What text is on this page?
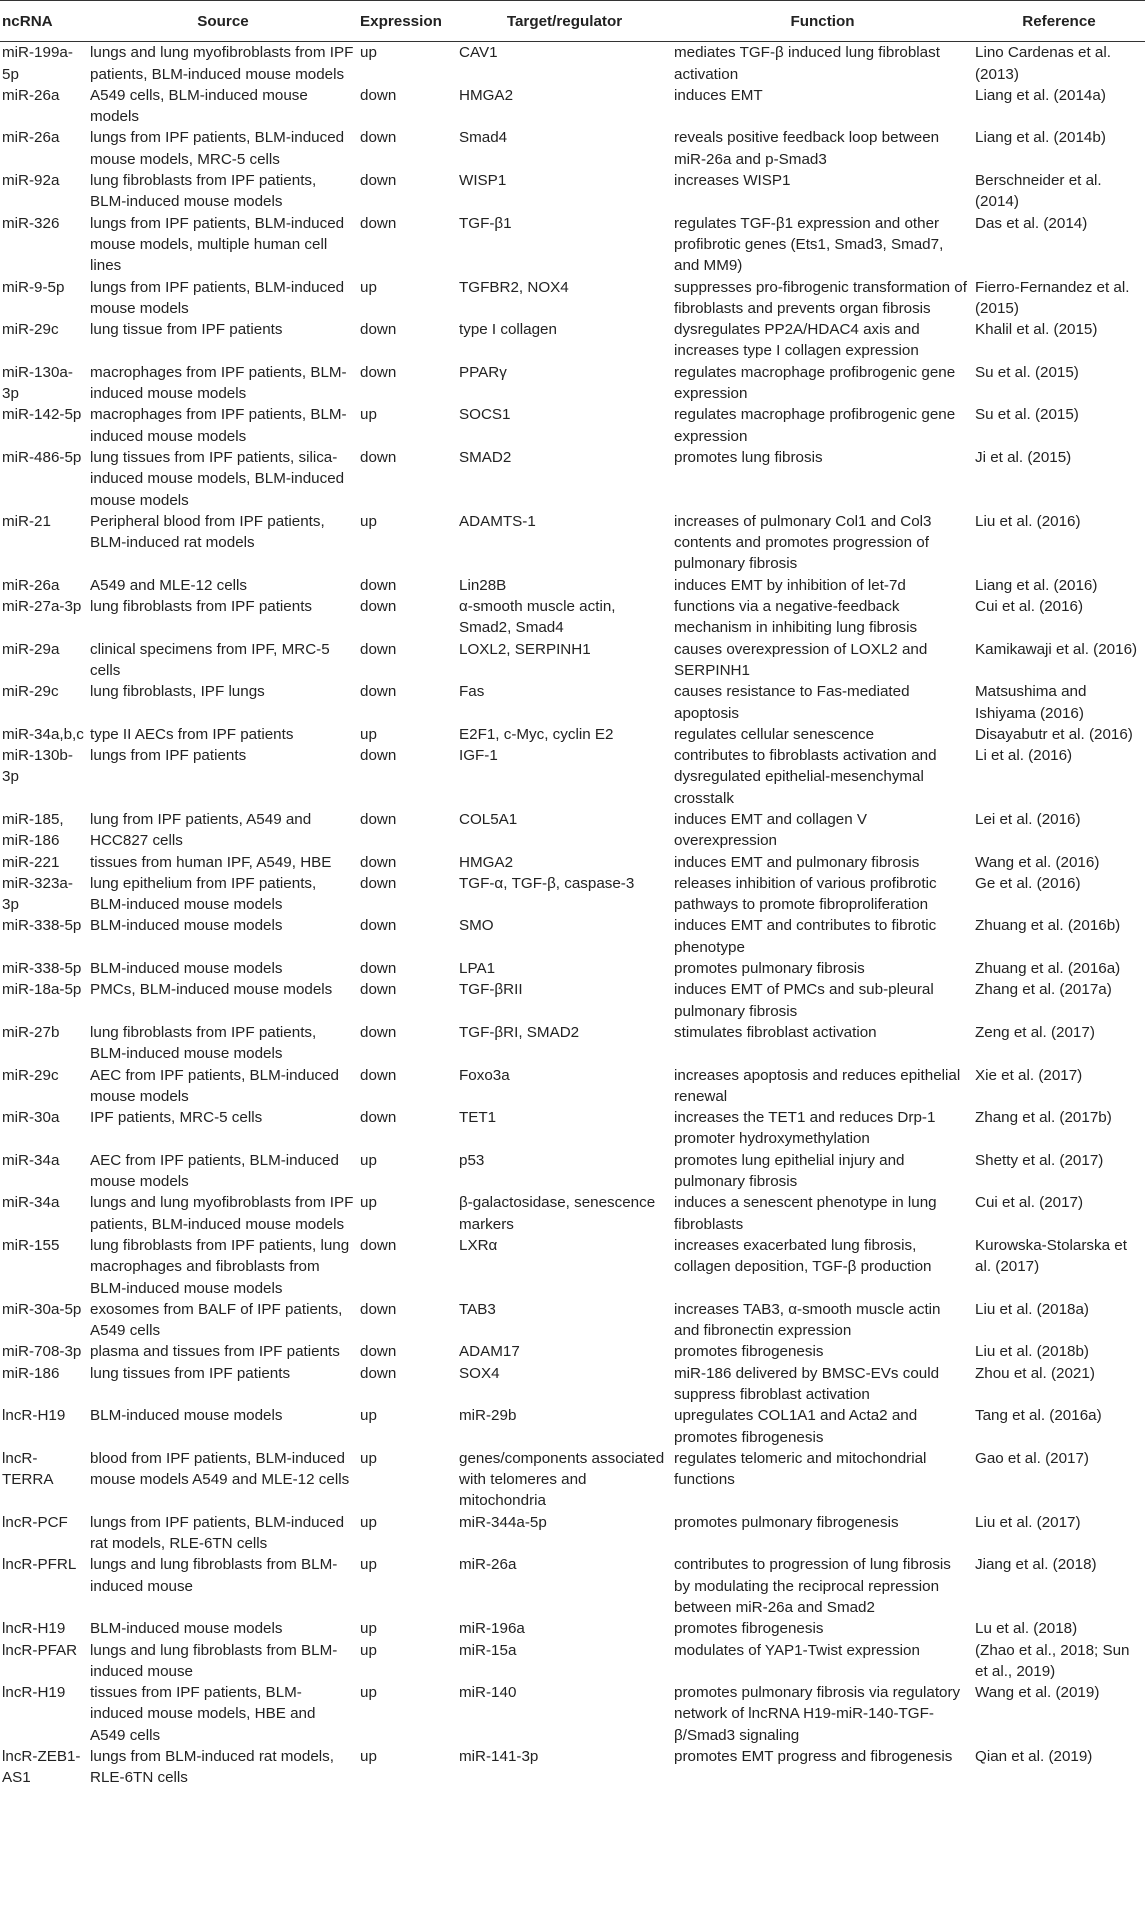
ncRNA	Source	Expression	Target/regulator	Function	Reference
miR-199a-5p	lungs and lung myofibroblasts from IPF patients, BLM-induced mouse models	up	CAV1	mediates TGF-β induced lung fibroblast activation	Lino Cardenas et al. (2013)
miR-26a	A549 cells, BLM-induced mouse models	down	HMGA2	induces EMT	Liang et al. (2014a)
miR-26a	lungs from IPF patients, BLM-induced mouse models, MRC-5 cells	down	Smad4	reveals positive feedback loop between miR-26a and p-Smad3	Liang et al. (2014b)
miR-92a	lung fibroblasts from IPF patients, BLM-induced mouse models	down	WISP1	increases WISP1	Berschneider et al. (2014)
miR-326	lungs from IPF patients, BLM-induced mouse models, multiple human cell lines	down	TGF-β1	regulates TGF-β1 expression and other profibrotic genes (Ets1, Smad3, Smad7, and MM9)	Das et al. (2014)
miR-9-5p	lungs from IPF patients, BLM-induced mouse models	up	TGFBR2, NOX4	suppresses pro-fibrogenic transformation of fibroblasts and prevents organ fibrosis	Fierro-Fernandez et al. (2015)
miR-29c	lung tissue from IPF patients	down	type I collagen	dysregulates PP2A/HDAC4 axis and increases type I collagen expression	Khalil et al. (2015)
miR-130a-3p	macrophages from IPF patients, BLM-induced mouse models	down	PPARγ	regulates macrophage profibrogenic gene expression	Su et al. (2015)
miR-142-5p	macrophages from IPF patients, BLM-induced mouse models	up	SOCS1	regulates macrophage profibrogenic gene expression	Su et al. (2015)
miR-486-5p	lung tissues from IPF patients, silica-induced mouse models, BLM-induced mouse models	down	SMAD2	promotes lung fibrosis	Ji et al. (2015)
miR-21	Peripheral blood from IPF patients, BLM-induced rat models	up	ADAMTS-1	increases of pulmonary Col1 and Col3 contents and promotes progression of pulmonary fibrosis	Liu et al. (2016)
miR-26a	A549 and MLE-12 cells	down	Lin28B	induces EMT by inhibition of let-7d	Liang et al. (2016)
miR-27a-3p	lung fibroblasts from IPF patients	down	α-smooth muscle actin, Smad2, Smad4	functions via a negative-feedback mechanism in inhibiting lung fibrosis	Cui et al. (2016)
miR-29a	clinical specimens from IPF, MRC-5 cells	down	LOXL2, SERPINH1	causes overexpression of LOXL2 and SERPINH1	Kamikawaji et al. (2016)
miR-29c	lung fibroblasts, IPF lungs	down	Fas	causes resistance to Fas-mediated apoptosis	Matsushima and Ishiyama (2016)
miR-34a,b,c	type II AECs from IPF patients	up	E2F1, c-Myc, cyclin E2	regulates cellular senescence	Disayabutr et al. (2016)
miR-130b-3p	lungs from IPF patients	down	IGF-1	contributes to fibroblasts activation and dysregulated epithelial-mesenchymal crosstalk	Li et al. (2016)
miR-185, miR-186	lung from IPF patients, A549 and HCC827 cells	down	COL5A1	induces EMT and collagen V overexpression	Lei et al. (2016)
miR-221	tissues from human IPF, A549, HBE	down	HMGA2	induces EMT and pulmonary fibrosis	Wang et al. (2016)
miR-323a-3p	lung epithelium from IPF patients, BLM-induced mouse models	down	TGF-α, TGF-β, caspase-3	releases inhibition of various profibrotic pathways to promote fibroproliferation	Ge et al. (2016)
miR-338-5p	BLM-induced mouse models	down	SMO	induces EMT and contributes to fibrotic phenotype	Zhuang et al. (2016b)
miR-338-5p	BLM-induced mouse models	down	LPA1	promotes pulmonary fibrosis	Zhuang et al. (2016a)
miR-18a-5p	PMCs, BLM-induced mouse models	down	TGF-βRII	induces EMT of PMCs and sub-pleural pulmonary fibrosis	Zhang et al. (2017a)
miR-27b	lung fibroblasts from IPF patients, BLM-induced mouse models	down	TGF-βRI, SMAD2	stimulates fibroblast activation	Zeng et al. (2017)
miR-29c	AEC from IPF patients, BLM-induced mouse models	down	Foxo3a	increases apoptosis and reduces epithelial renewal	Xie et al. (2017)
miR-30a	IPF patients, MRC-5 cells	down	TET1	increases the TET1 and reduces Drp-1 promoter hydroxymethylation	Zhang et al. (2017b)
miR-34a	AEC from IPF patients, BLM-induced mouse models	up	p53	promotes lung epithelial injury and pulmonary fibrosis	Shetty et al. (2017)
miR-34a	lungs and lung myofibroblasts from IPF patients, BLM-induced mouse models	up	β-galactosidase, senescence markers	induces a senescent phenotype in lung fibroblasts	Cui et al. (2017)
miR-155	lung fibroblasts from IPF patients, lung macrophages and fibroblasts from BLM-induced mouse models	down	LXRα	increases exacerbated lung fibrosis, collagen deposition, TGF-β production	Kurowska-Stolarska et al. (2017)
miR-30a-5p	exosomes from BALF of IPF patients, A549 cells	down	TAB3	increases TAB3, α-smooth muscle actin and fibronectin expression	Liu et al. (2018a)
miR-708-3p	plasma and tissues from IPF patients	down	ADAM17	promotes fibrogenesis	Liu et al. (2018b)
miR-186	lung tissues from IPF patients	down	SOX4	miR-186 delivered by BMSC-EVs could suppress fibroblast activation	Zhou et al. (2021)
lncR-H19	BLM-induced mouse models	up	miR-29b	upregulates COL1A1 and Acta2 and promotes fibrogenesis	Tang et al. (2016a)
lncR-TERRA	blood from IPF patients, BLM-induced mouse models A549 and MLE-12 cells	up	genes/components associated with telomeres and mitochondria	regulates telomeric and mitochondrial functions	Gao et al. (2017)
lncR-PCF	lungs from IPF patients, BLM-induced rat models, RLE-6TN cells	up	miR-344a-5p	promotes pulmonary fibrogenesis	Liu et al. (2017)
lncR-PFRL	lungs and lung fibroblasts from BLM-induced mouse	up	miR-26a	contributes to progression of lung fibrosis by modulating the reciprocal repression between miR-26a and Smad2	Jiang et al. (2018)
lncR-H19	BLM-induced mouse models	up	miR-196a	promotes fibrogenesis	Lu et al. (2018)
lncR-PFAR	lungs and lung fibroblasts from BLM-induced mouse	up	miR-15a	modulates of YAP1-Twist expression	(Zhao et al., 2018; Sun et al., 2019)
lncR-H19	tissues from IPF patients, BLM-induced mouse models, HBE and A549 cells	up	miR-140	promotes pulmonary fibrosis via regulatory network of lncRNA H19-miR-140-TGF-β/Smad3 signaling	Wang et al. (2019)
lncR-ZEB1-AS1	lungs from BLM-induced rat models, RLE-6TN cells	up	miR-141-3p	promotes EMT progress and fibrogenesis	Qian et al. (2019)
